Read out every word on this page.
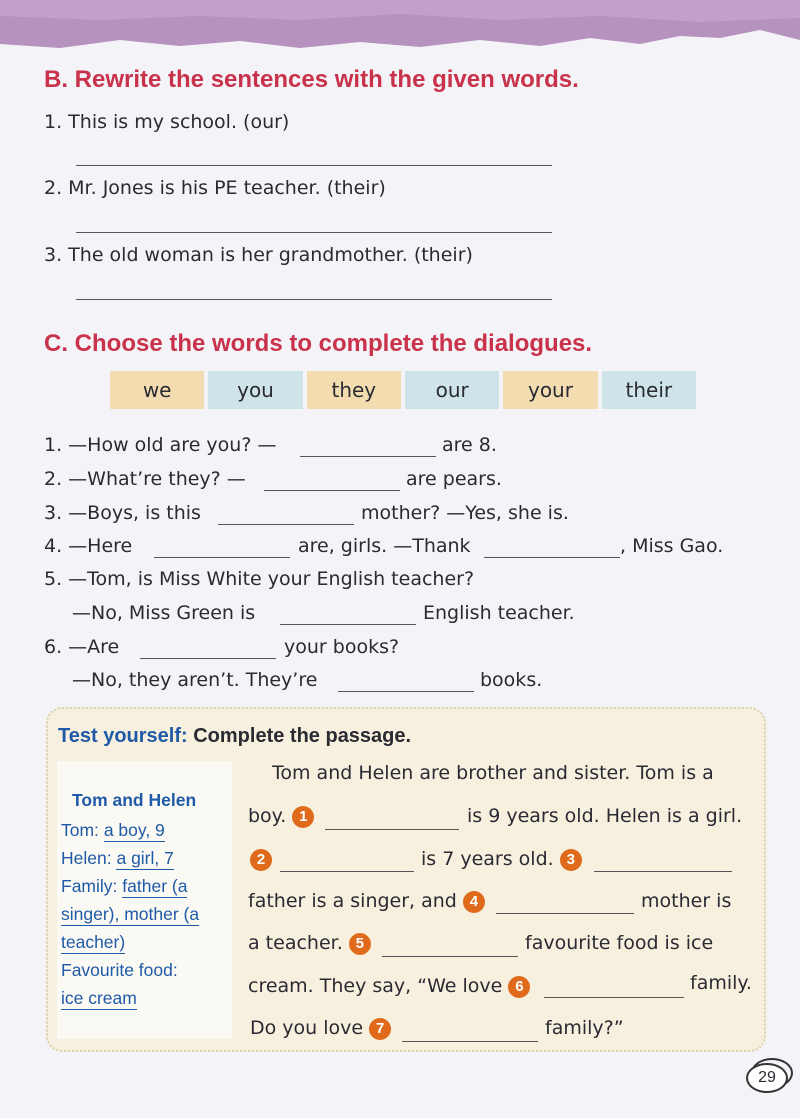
B. Rewrite the sentences with the given words.
1. This is my school. (our)
2. Mr. Jones is his PE teacher. (their)
3. The old woman is her grandmother. (their)
C. Choose the words to complete the dialogues.
we	you	they	our	your	their
1. —How old are you? —	are 8.
2. —What’re they? —	are pears.
3. —Boys, is this	mother? —Yes, she is.
4. —Here	are, girls. —Thank	, Miss Gao.
5. —Tom, is Miss White your English teacher?
—No, Miss Green is	English teacher.
6. —Are	your books?
—No, they aren’t. They’re	books.
Test yourself: Complete the passage.
Tom and Helen
Tom: a boy, 9
Helen: a girl, 7
Family: father (a
singer), mother (a
teacher)
Favourite food:
ice cream
Tom and Helen are brother and sister. Tom is a
boy. 1	is 9 years old. Helen is a girl.
2	is 7 years old. 3
father is a singer, and 4	mother is
a teacher. 5	favourite food is ice
cream. They say, “We love 6	family.
Do you love 7	family?”
29
